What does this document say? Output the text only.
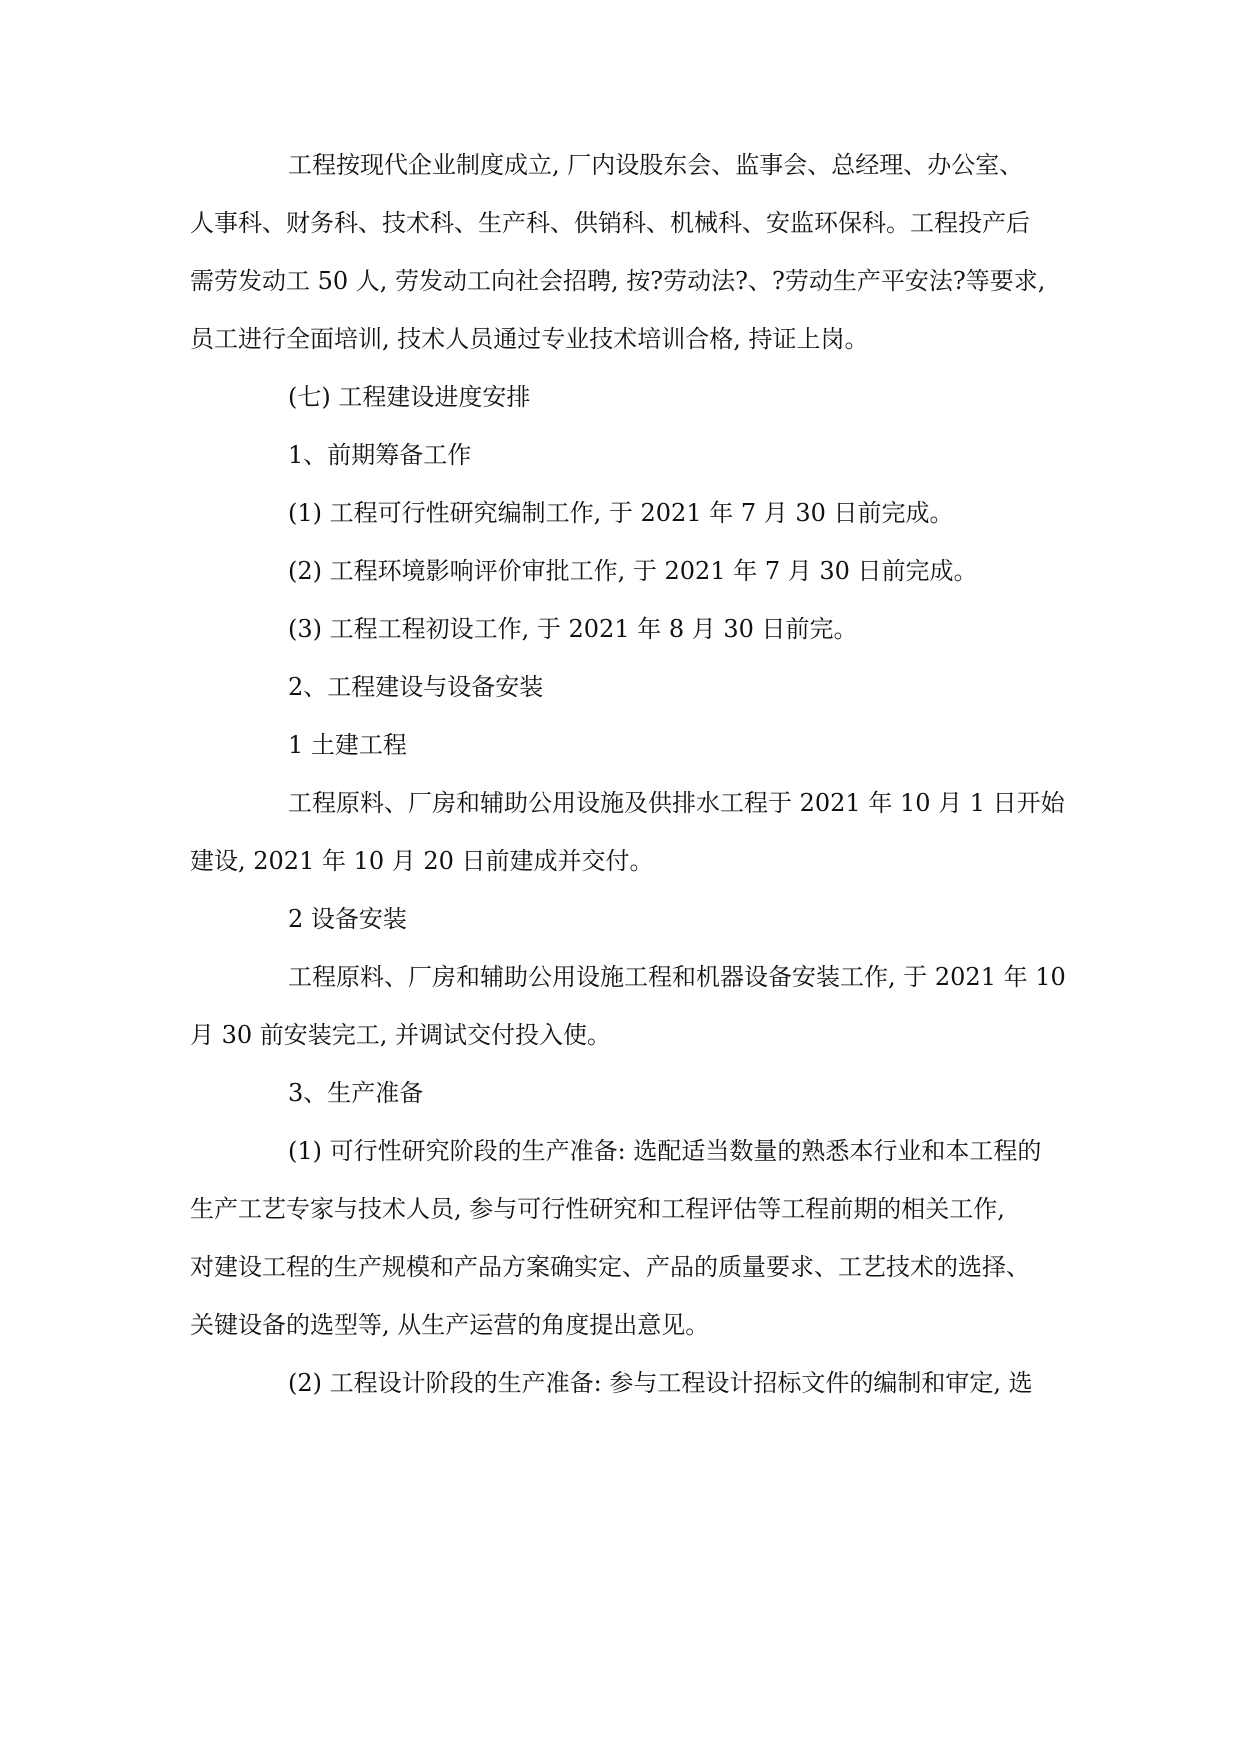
工程按现代企业制度成立, 厂内设股东会、监事会、总经理、办公室、
人事科、财务科、技术科、生产科、供销科、机械科、安监环保科。工程投产后
需劳发动工 50 人, 劳发动工向社会招聘, 按?劳动法?、?劳动生产平安法?等要求,
员工进行全面培训, 技术人员通过专业技术培训合格, 持证上岗。
(七) 工程建设进度安排
1、前期筹备工作
(1) 工程可行性研究编制工作, 于 2021 年 7 月 30 日前完成。
(2) 工程环境影响评价审批工作, 于 2021 年 7 月 30 日前完成。
(3) 工程工程初设工作, 于 2021 年 8 月 30 日前完。
2、工程建设与设备安装
1 土建工程
工程原料、厂房和辅助公用设施及供排水工程于 2021 年 10 月 1 日开始
建设, 2021 年 10 月 20 日前建成并交付。
2 设备安装
工程原料、厂房和辅助公用设施工程和机器设备安装工作, 于 2021 年 10
月 30 前安装完工, 并调试交付投入使。
3、生产准备
(1) 可行性研究阶段的生产准备: 选配适当数量的熟悉本行业和本工程的
生产工艺专家与技术人员, 参与可行性研究和工程评估等工程前期的相关工作,
对建设工程的生产规模和产品方案确实定、产品的质量要求、工艺技术的选择、
关键设备的选型等, 从生产运营的角度提出意见。
(2) 工程设计阶段的生产准备: 参与工程设计招标文件的编制和审定, 选
